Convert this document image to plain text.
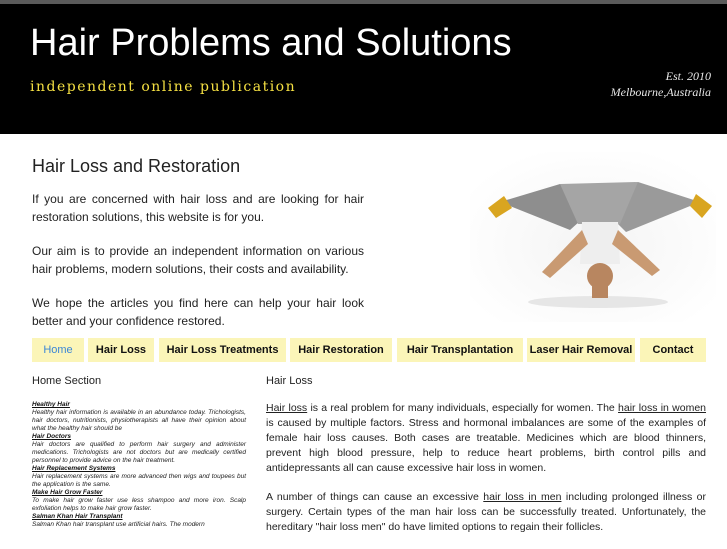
Hair Problems and Solutions
independent online publication
Est. 2010
Melbourne,Australia
Hair Loss and Restoration

If you are concerned with hair loss and are looking for hair restoration solutions, this website is for you.

Our aim is to provide an independent information on various hair problems, modern solutions, their costs and availability.

We hope the articles you find here can help your hair look better and your confidence restored.

Home	Hair Loss	Hair Loss Treatments	Hair Restoration	Hair Transplantation	Laser Hair Removal	Contact
Home Section
Healthy Hair
Healthy hair information is available in an abundance today. Trichologists, hair doctors, nutritionists, physiotherapists all have their opinion about what the healthy hair should be
Hair Doctors
Hair doctors are qualified to perform hair surgery and administer medications. Trichologists are not doctors but are medically certified personnel to provide advice on the hair treatment.
Hair Replacement Systems
Hair replacement systems are more advanced then wigs and toupees but the application is the same.
Make Hair Grow Faster
To make hair grow faster use less shampoo and more iron. Scalp exfoliation helps to make hair grow faster.
Salman Khan Hair Transplant
Salman Khan hair transplant use artificial hairs. The modern
Hair Loss

Hair loss is a real problem for many individuals, especially for women. The hair loss in women is caused by multiple factors. Stress and hormonal imbalances are some of the examples of female hair loss causes. Both cases are treatable. Medicines which are blood thinners, prevent high blood pressure, help to reduce heart problems, birth control pills and antidepressants all can cause excessive hair loss in women.

A number of things can cause an excessive hair loss in men including prolonged illness or surgery. Certain types of the man hair loss can be successfully treated. Unfortunately, the hereditary "hair loss men" do have limited options to regain their follicles.
